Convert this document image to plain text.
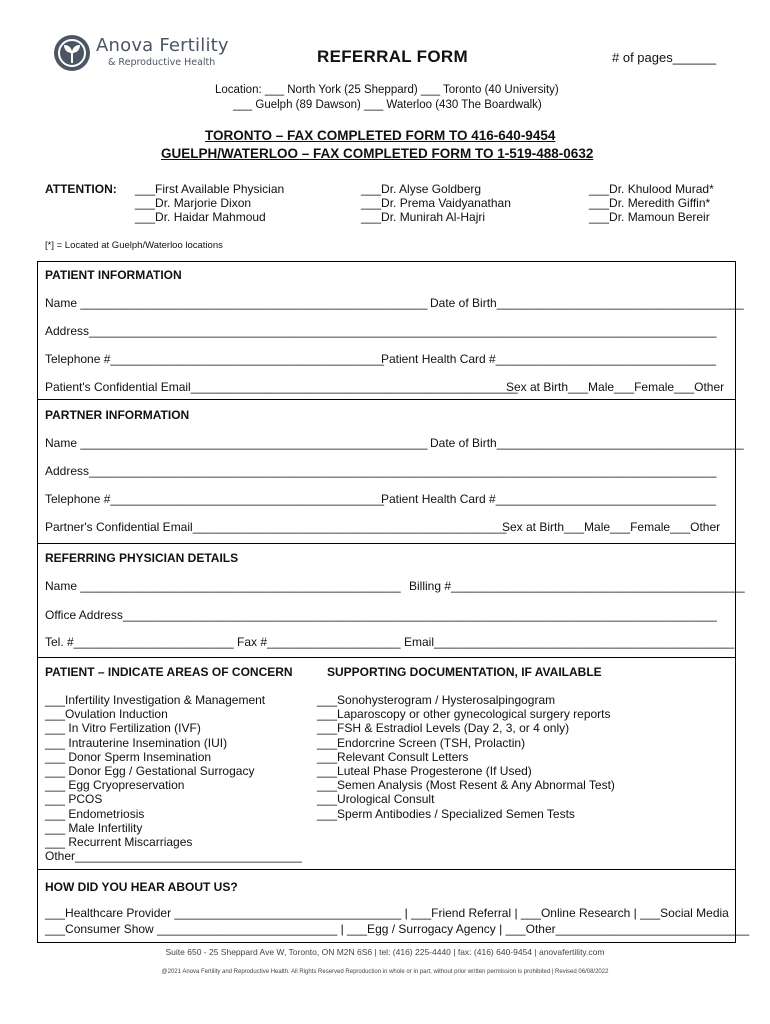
Anova Fertility
& Reproductive Health	REFERRAL FORM	# of pages______
Location: ___ North York (25 Sheppard) ___ Toronto (40 University)
___ Guelph (89 Dawson) ___ Waterloo (430 The Boardwalk)
TORONTO – FAX COMPLETED FORM TO 416-640-9454
GUELPH/WATERLOO – FAX COMPLETED FORM TO 1-519-488-0632
ATTENTION: ___First Available Physician
___Dr. Marjorie Dixon
___Dr. Haidar Mahmoud
___Dr. Alyse Goldberg
___Dr. Prema Vaidyanathan
___Dr. Munirah Al-Hajri
___Dr. Khulood Murad*
___Dr. Meredith Giffin*
___Dr. Mamoun Bereir
[*] = Located at Guelph/Waterloo locations
PATIENT INFORMATION
Name ____________________________________________________ Date of Birth_____________________________________
Address______________________________________________________________________________________________
Telephone #_________________________________________
Patient Health Card #_________________________________
Patient's Confidential Email_________________________________________________
Sex at Birth___Male___Female___Other
PARTNER INFORMATION
Name ____________________________________________________ Date of Birth_____________________________________
Address______________________________________________________________________________________________
Telephone #_________________________________________
Patient Health Card #_________________________________
Partner's Confidential Email_______________________________________________
Sex at Birth___Male___Female___Other
REFERRING PHYSICIAN DETAILS
Name ________________________________________________ Billing #____________________________________________
Office Address_________________________________________________________________________________________
Tel. #________________________ Fax #____________________ Email_____________________________________________
PATIENT – INDICATE AREAS OF CONCERN	SUPPORTING DOCUMENTATION, IF AVAILABLE
___Infertility Investigation & Management
___Ovulation Induction
___ In Vitro Fertilization (IVF)
___ Intrauterine Insemination (IUI)
___ Donor Sperm Insemination
___ Donor Egg / Gestational Surrogacy
___ Egg Cryopreservation
___ PCOS
___ Endometriosis
___ Male Infertility
___ Recurrent Miscarriages
Other__________________________________
___Sonohysterogram / Hysterosalpingogram
___Laparoscopy or other gynecological surgery reports
___FSH & Estradiol Levels (Day 2, 3, or 4 only)
___Endorcrine Screen (TSH, Prolactin)
___Relevant Consult Letters
___Luteal Phase Progesterone (If Used)
___Semen Analysis (Most Resent & Any Abnormal Test)
___Urological Consult
___Sperm Antibodies / Specialized Semen Tests
HOW DID YOU HEAR ABOUT US?
___Healthcare Provider __________________________________ | ___Friend Referral | ___Online Research | ___Social Media
___Consumer Show ___________________________ | ___Egg / Surrogacy Agency | ___Other_____________________________
Suite 650 - 25 Sheppard Ave W, Toronto, ON M2N 6S6 | tel: (416) 225-4440 | fax: (416) 640-9454 | anovafertility.com
@2021 Anova Fertility and Reproductive Health. All Rights Reserved Reproduction in whole or in part, without prior written permission is prohibited | Revised 06/08/2022
